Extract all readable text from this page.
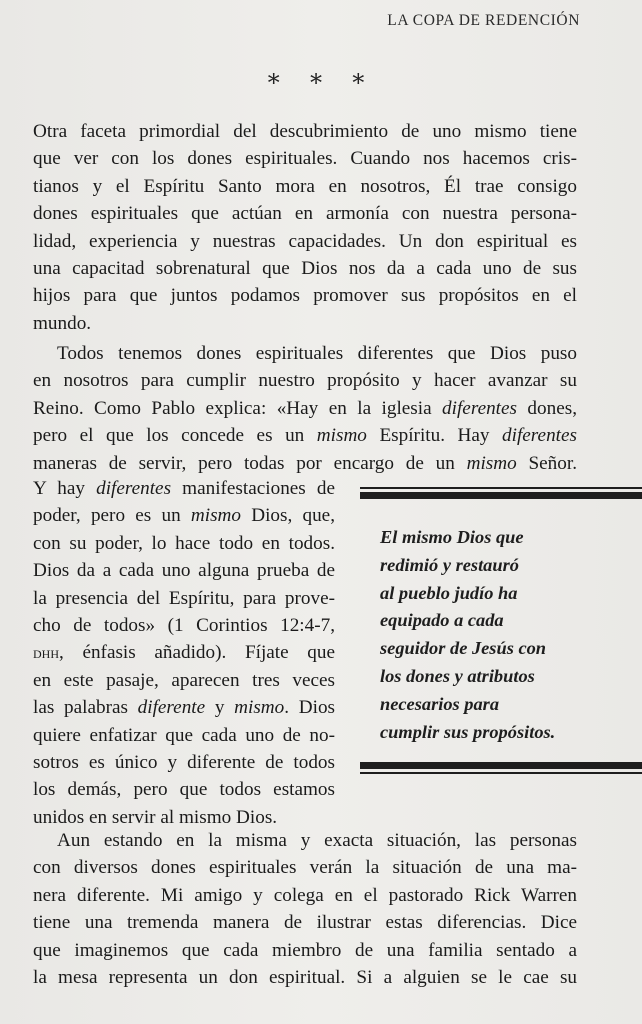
LA COPA DE REDENCIÓN
∗ ∗ ∗
Otra faceta primordial del descubrimiento de uno mismo tiene
que ver con los dones espirituales. Cuando nos hacemos cris-
tianos y el Espíritu Santo mora en nosotros, Él trae consigo
dones espirituales que actúan en armonía con nuestra persona-
lidad, experiencia y nuestras capacidades. Un don espiritual es
una capacitad sobrenatural que Dios nos da a cada uno de sus
hijos para que juntos podamos promover sus propósitos en el
mundo.
Todos tenemos dones espirituales diferentes que Dios puso
en nosotros para cumplir nuestro propósito y hacer avanzar su
Reino. Como Pablo explica: «Hay en la iglesia diferentes dones,
pero el que los concede es un mismo Espíritu. Hay diferentes
maneras de servir, pero todas por encargo de un mismo Señor.
Y hay diferentes manifestaciones de
poder, pero es un mismo Dios, que,
con su poder, lo hace todo en todos.
Dios da a cada uno alguna prueba de
la presencia del Espíritu, para prove-
cho de todos» (1 Corintios 12:4-7,
dhh, énfasis añadido). Fíjate que
en este pasaje, aparecen tres veces
las palabras diferente y mismo. Dios
quiere enfatizar que cada uno de no-
sotros es único y diferente de todos
los demás, pero que todos estamos
unidos en servir al mismo Dios.
El mismo Dios que
redimió y restauró
al pueblo judío ha
equipado a cada
seguidor de Jesús con
los dones y atributos
necesarios para
cumplir sus propósitos.
Aun estando en la misma y exacta situación, las personas
con diversos dones espirituales verán la situación de una ma-
nera diferente. Mi amigo y colega en el pastorado Rick Warren
tiene una tremenda manera de ilustrar estas diferencias. Dice
que imaginemos que cada miembro de una familia sentado a
la mesa representa un don espiritual. Si a alguien se le cae su
